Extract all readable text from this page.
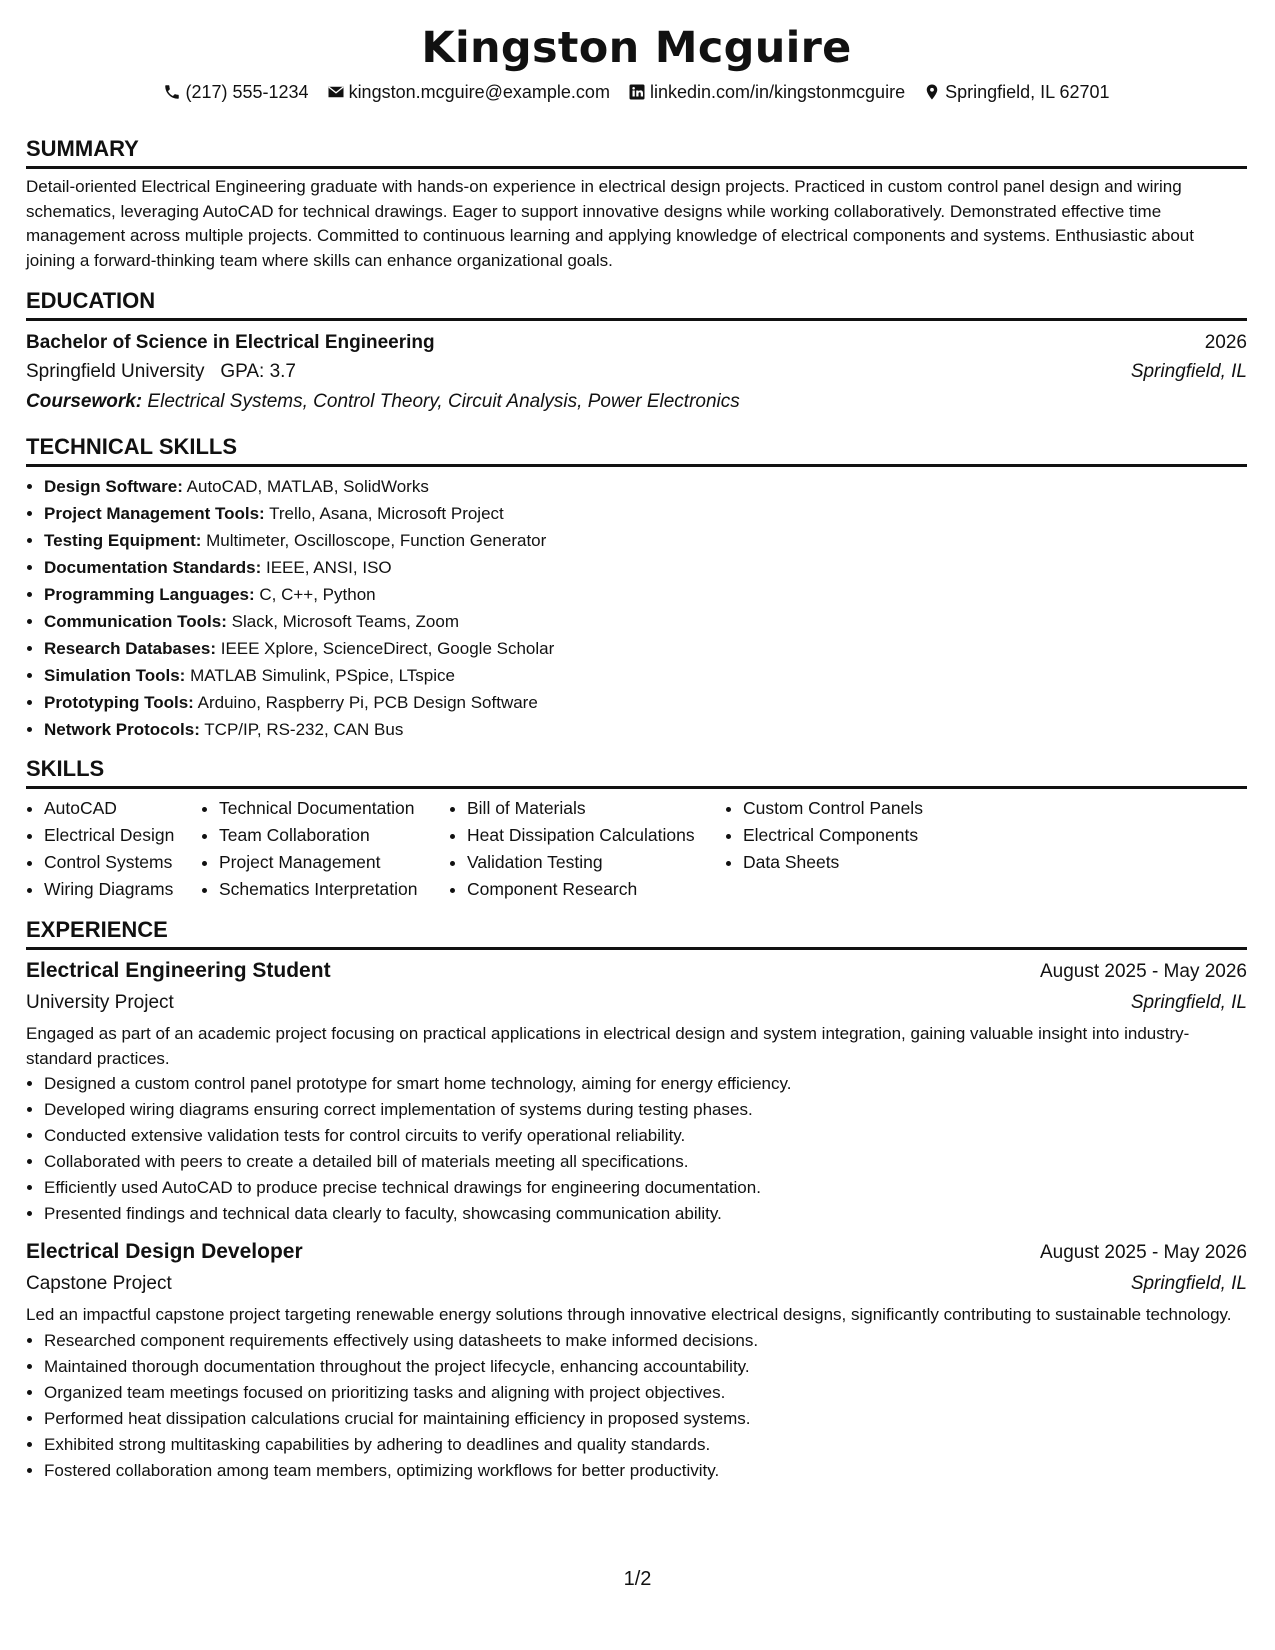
Kingston Mcguire
(217) 555-1234 kingston.mcguire@example.com linkedin.com/in/kingstonmcguire Springfield, IL 62701
SUMMARY
Detail-oriented Electrical Engineering graduate with hands-on experience in electrical design projects. Practiced in custom control panel design and wiring schematics, leveraging AutoCAD for technical drawings. Eager to support innovative designs while working collaboratively. Demonstrated effective time management across multiple projects. Committed to continuous learning and applying knowledge of electrical components and systems. Enthusiastic about joining a forward-thinking team where skills can enhance organizational goals.
EDUCATION
Bachelor of Science in Electrical Engineering	2026
Springfield University GPA: 3.7	Springfield, IL
Coursework: Electrical Systems, Control Theory, Circuit Analysis, Power Electronics
TECHNICAL SKILLS
• Design Software: AutoCAD, MATLAB, SolidWorks
• Project Management Tools: Trello, Asana, Microsoft Project
• Testing Equipment: Multimeter, Oscilloscope, Function Generator
• Documentation Standards: IEEE, ANSI, ISO
• Programming Languages: C, C++, Python
• Communication Tools: Slack, Microsoft Teams, Zoom
• Research Databases: IEEE Xplore, ScienceDirect, Google Scholar
• Simulation Tools: MATLAB Simulink, PSpice, LTspice
• Prototyping Tools: Arduino, Raspberry Pi, PCB Design Software
• Network Protocols: TCP/IP, RS-232, CAN Bus
SKILLS
• AutoCAD
• Electrical Design
• Control Systems
• Wiring Diagrams
• Technical Documentation
• Team Collaboration
• Project Management
• Schematics Interpretation
• Bill of Materials
• Heat Dissipation Calculations
• Validation Testing
• Component Research
• Custom Control Panels
• Electrical Components
• Data Sheets
EXPERIENCE
Electrical Engineering Student	August 2025 - May 2026
University Project	Springfield, IL
Engaged as part of an academic project focusing on practical applications in electrical design and system integration, gaining valuable insight into industry-standard practices.
• Designed a custom control panel prototype for smart home technology, aiming for energy efficiency.
• Developed wiring diagrams ensuring correct implementation of systems during testing phases.
• Conducted extensive validation tests for control circuits to verify operational reliability.
• Collaborated with peers to create a detailed bill of materials meeting all specifications.
• Efficiently used AutoCAD to produce precise technical drawings for engineering documentation.
• Presented findings and technical data clearly to faculty, showcasing communication ability.
Electrical Design Developer	August 2025 - May 2026
Capstone Project	Springfield, IL
Led an impactful capstone project targeting renewable energy solutions through innovative electrical designs, significantly contributing to sustainable technology.
• Researched component requirements effectively using datasheets to make informed decisions.
• Maintained thorough documentation throughout the project lifecycle, enhancing accountability.
• Organized team meetings focused on prioritizing tasks and aligning with project objectives.
• Performed heat dissipation calculations crucial for maintaining efficiency in proposed systems.
• Exhibited strong multitasking capabilities by adhering to deadlines and quality standards.
• Fostered collaboration among team members, optimizing workflows for better productivity.
1/2
